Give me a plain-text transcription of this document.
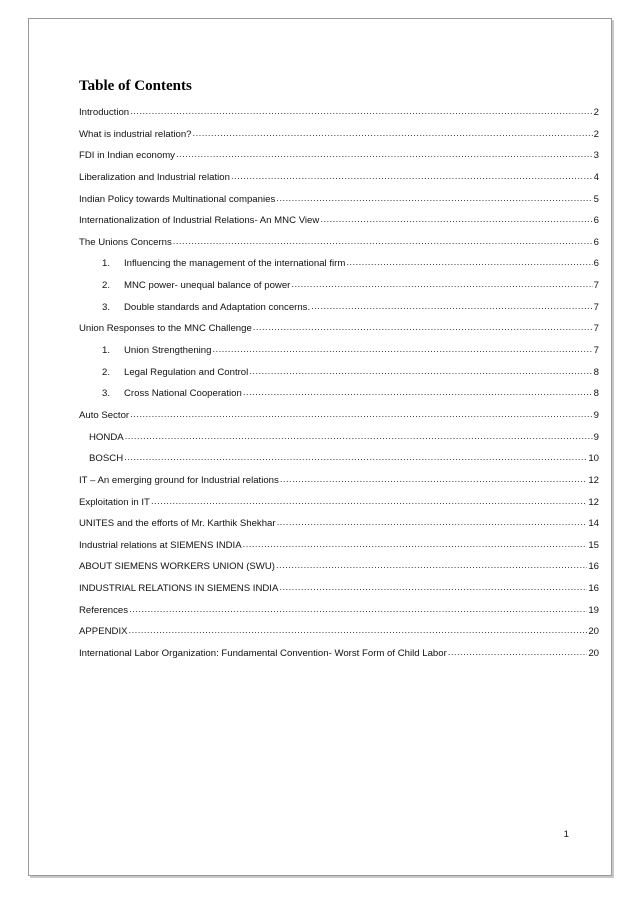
Table of Contents
Introduction .....	2
What is industrial relation? .....	2
FDI in Indian economy .....	3
Liberalization and Industrial relation .....	4
Indian Policy towards Multinational companies .....	5
Internationalization of Industrial Relations- An MNC View .....	6
The Unions Concerns .....	6
1.	Influencing the management of the international firm .....	6
2.	MNC power- unequal balance of power .....	7
3.	Double standards and Adaptation concerns. .....	7
Union Responses to the MNC Challenge .....	7
1.	Union Strengthening .....	7
2.	Legal Regulation and Control .....	8
3.	Cross National Cooperation .....	8
Auto Sector .....	9
HONDA .....	9
BOSCH .....	10
IT – An emerging ground for Industrial relations .....	12
Exploitation in IT .....	12
UNITES and the efforts of Mr. Karthik Shekhar .....	14
Industrial relations at SIEMENS INDIA .....	15
ABOUT SIEMENS WORKERS UNION (SWU) .....	16
INDUSTRIAL RELATIONS IN SIEMENS INDIA .....	16
References .....	19
APPENDIX .....	20
International Labor Organization: Fundamental Convention- Worst Form of Child Labor .....	20
1
